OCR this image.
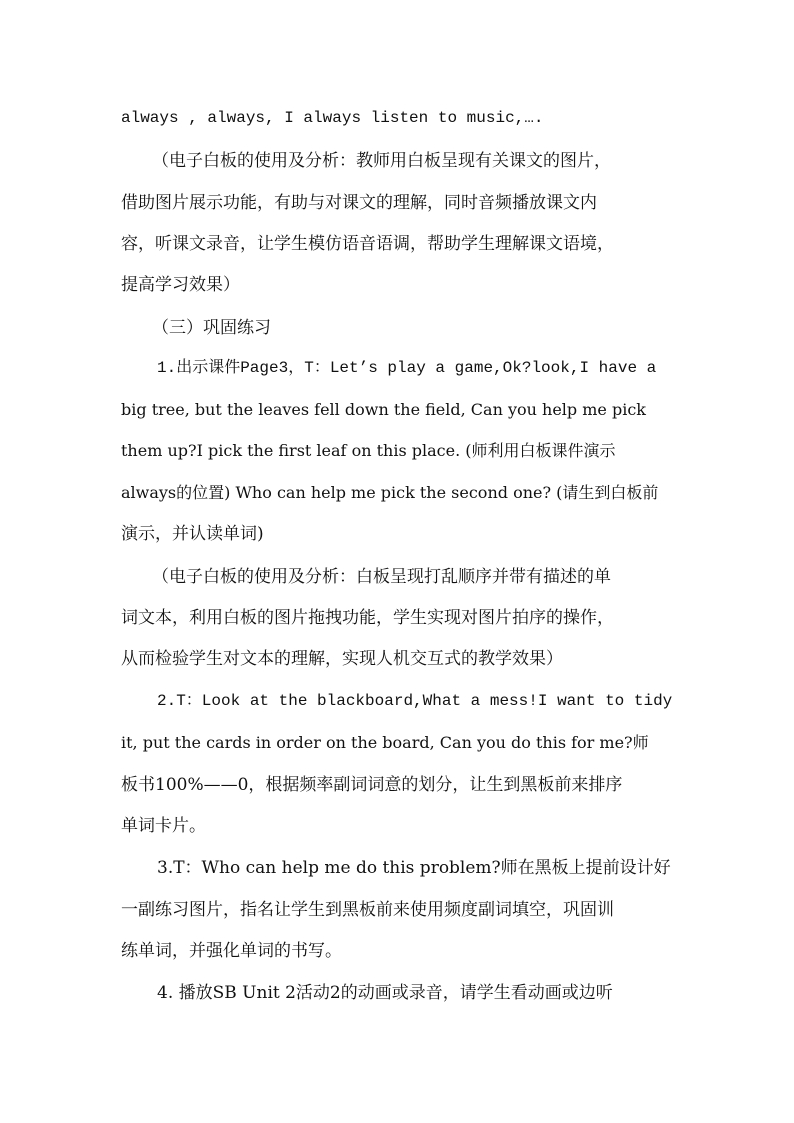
always , always, I always listen to music,….
（电子白板的使用及分析：教师用白板呈现有关课文的图片，
借助图片展示功能，有助与对课文的理解，同时音频播放课文内
容，听课文录音，让学生模仿语音语调，帮助学生理解课文语境，
提高学习效果）
（三）巩固练习
1.出示课件Page3，T：Let’s play a game,Ok?look,I have a
big tree, but the leaves fell down the field, Can you help me pick
them up?I pick the first leaf on this place. (师利用白板课件演示
always的位置) Who can help me pick the second one? (请生到白板前
演示，并认读单词)
（电子白板的使用及分析：白板呈现打乱顺序并带有描述的单
词文本，利用白板的图片拖拽功能，学生实现对图片拍序的操作，
从而检验学生对文本的理解，实现人机交互式的教学效果）
2.T：Look at the blackboard,What a mess!I want to tidy
it, put the cards in order on the board, Can you do this for me?师
板书100%——0，根据频率副词词意的划分，让生到黑板前来排序
单词卡片。
3.T：Who can help me do this problem?师在黑板上提前设计好
一副练习图片，指名让学生到黑板前来使用频度副词填空，巩固训
练单词，并强化单词的书写。
4. 播放SB Unit 2活动2的动画或录音，请学生看动画或边听
